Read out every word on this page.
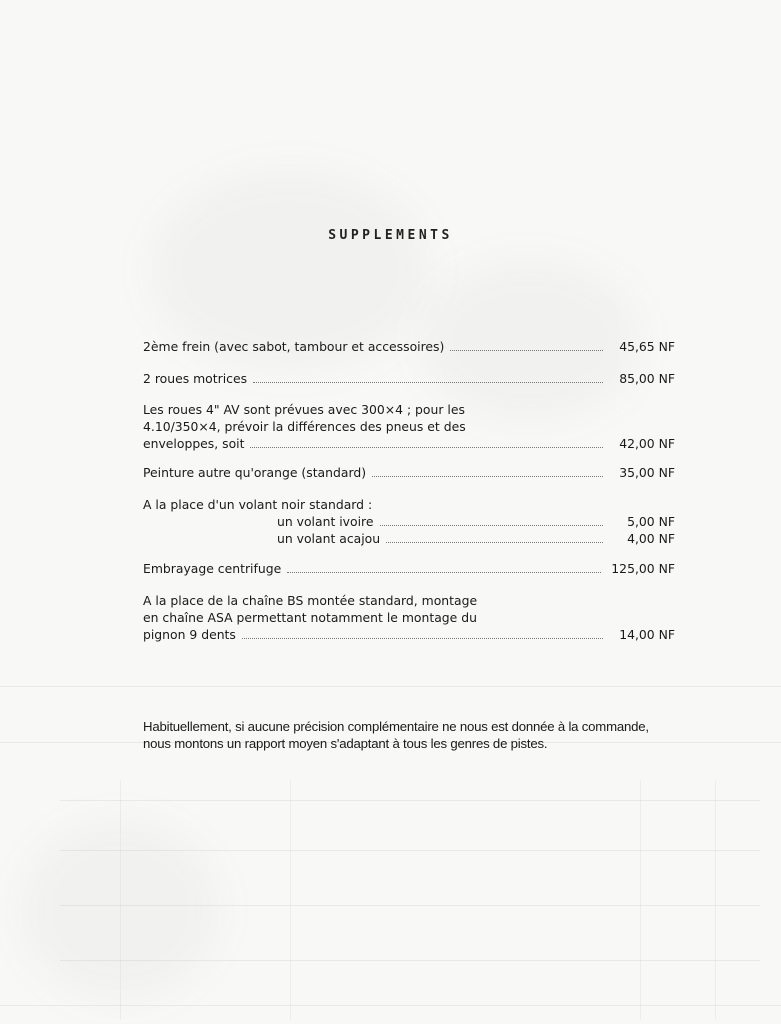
SUPPLEMENTS
2ème frein (avec sabot, tambour et accessoires)	45,65 NF
2 roues motrices	85,00 NF
Les roues 4" AV sont prévues avec 300×4 ; pour les
4.10/350×4, prévoir la différences des pneus et des
enveloppes, soit	42,00 NF
Peinture autre qu'orange (standard)	35,00 NF
A la place d'un volant noir standard :
un volant ivoire	5,00 NF
un volant acajou	4,00 NF
Embrayage centrifuge	125,00 NF
A la place de la chaîne BS montée standard, montage
en chaîne ASA permettant notamment le montage du
pignon 9 dents	14,00 NF
Habituellement, si aucune précision complémentaire ne nous est donnée à la commande,
nous montons un rapport moyen s'adaptant à tous les genres de pistes.
